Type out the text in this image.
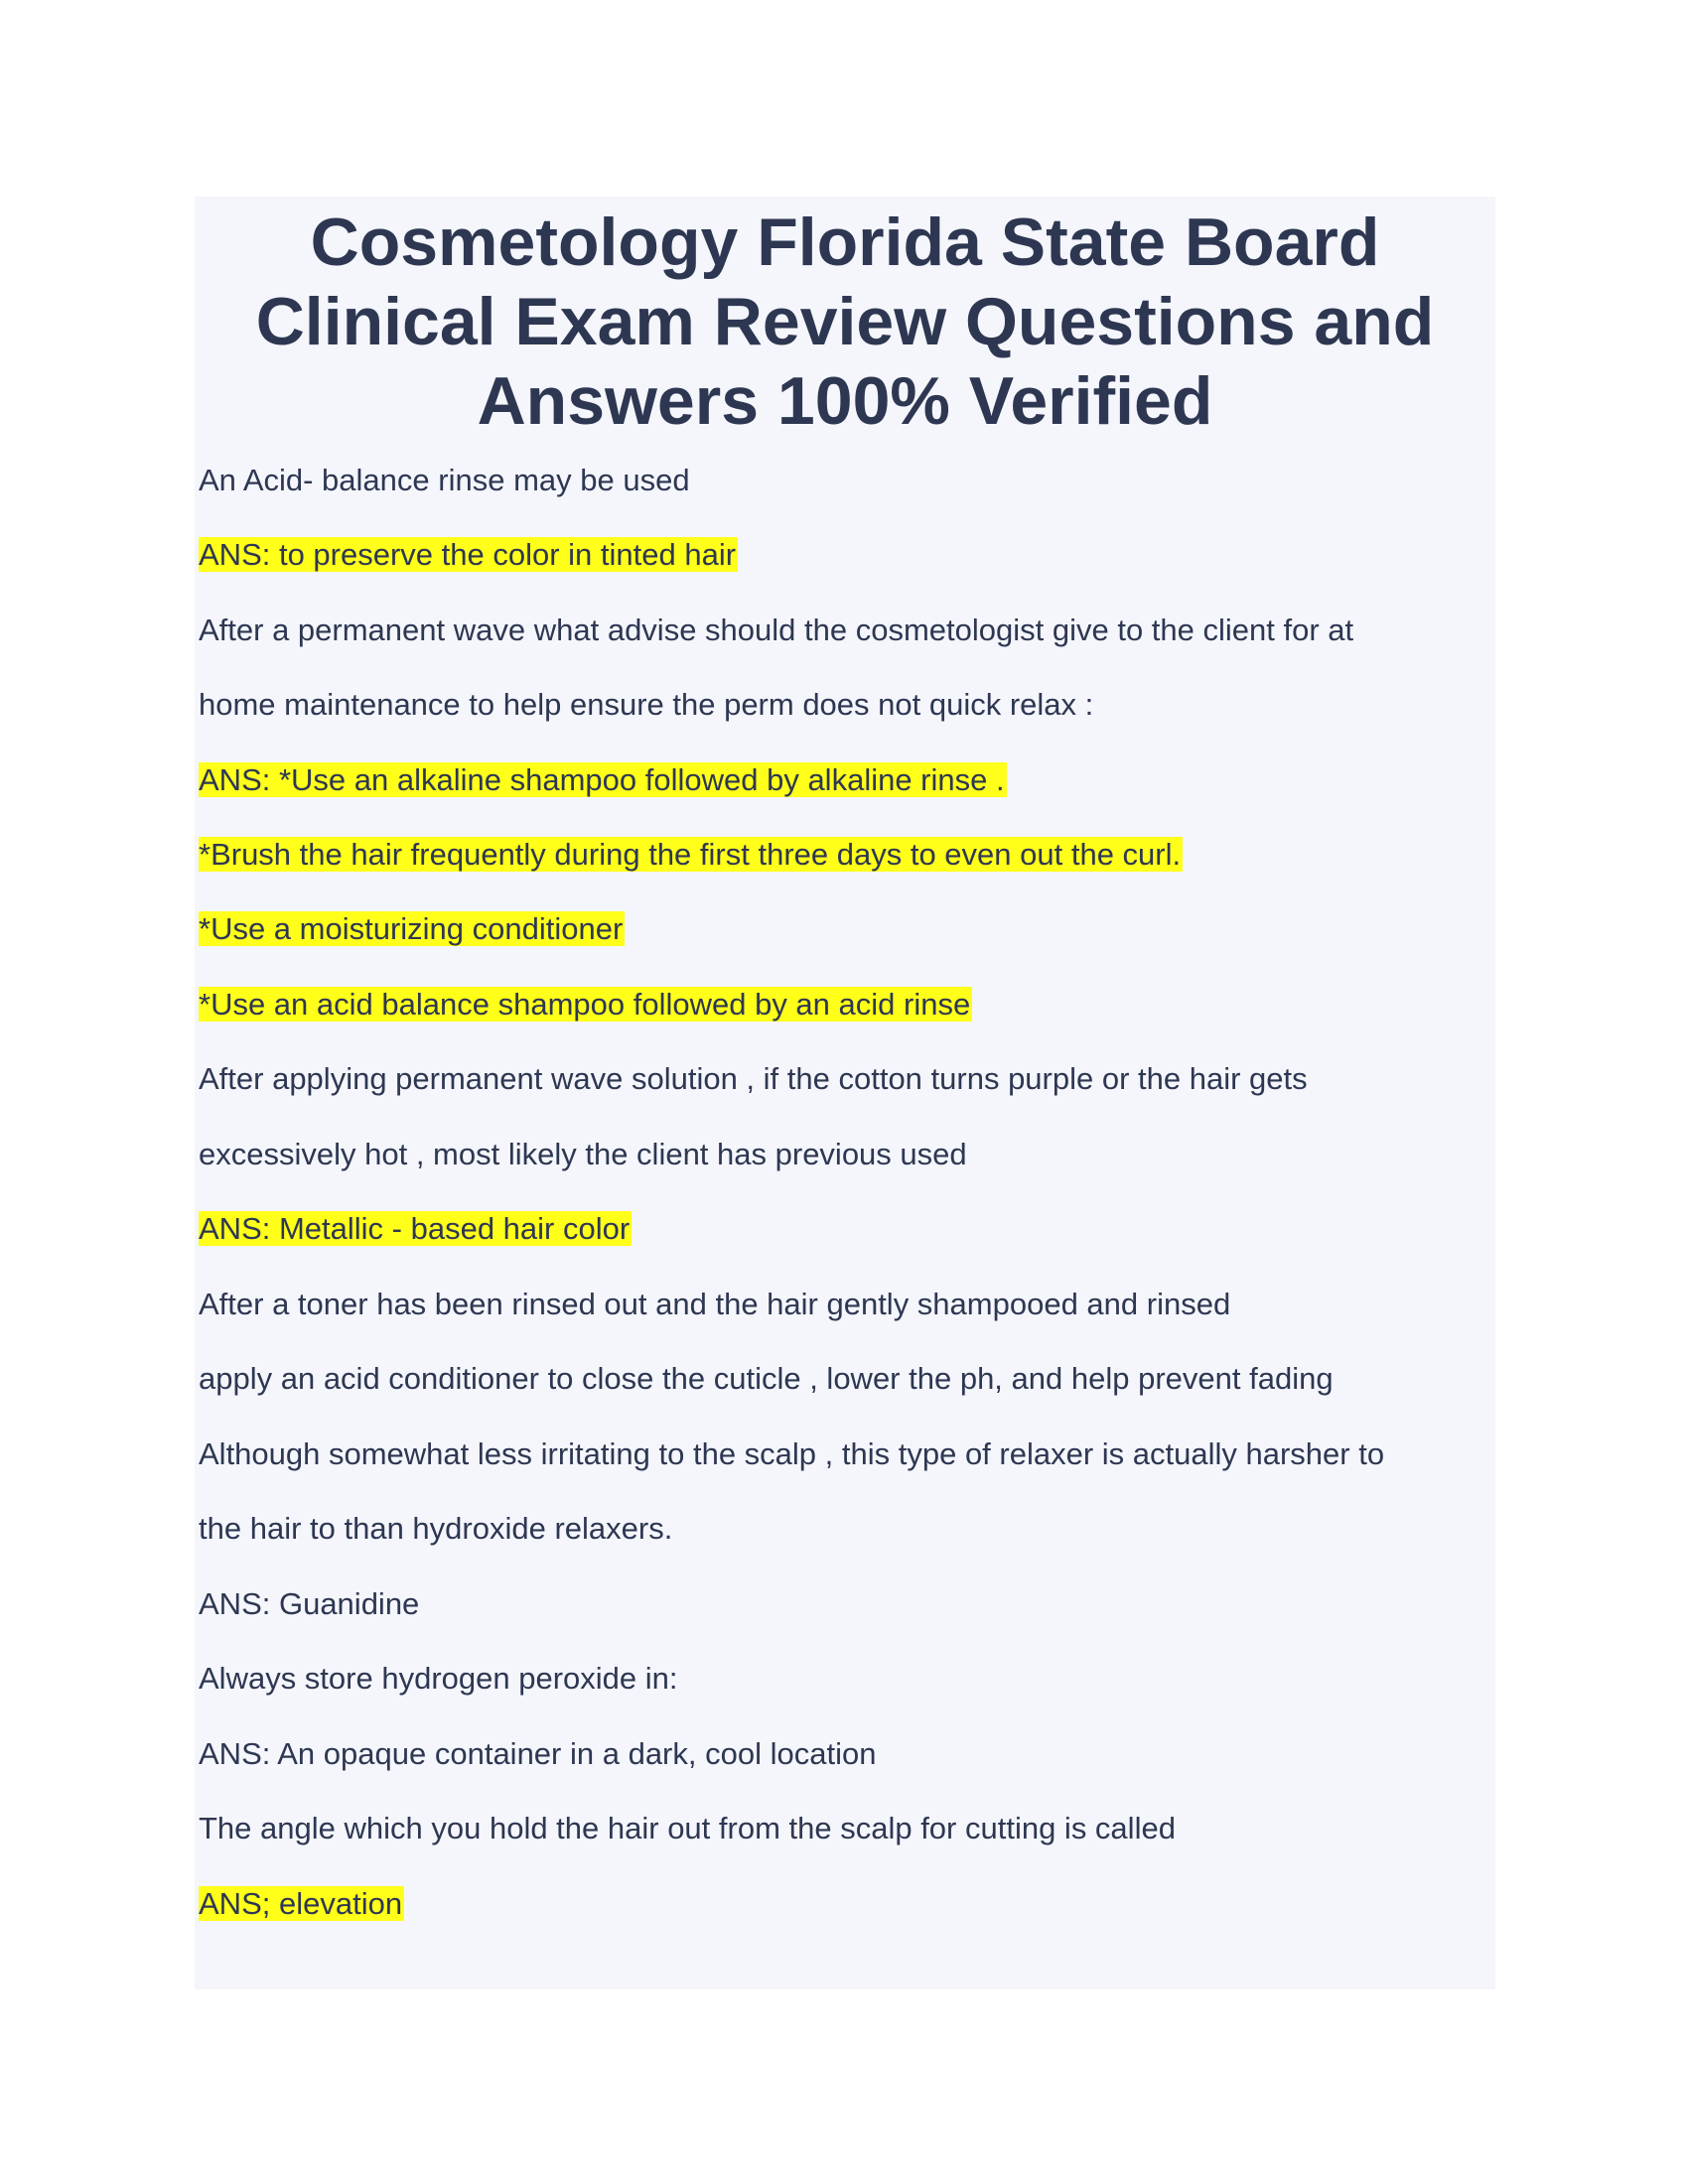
Cosmetology Florida State Board
Clinical Exam Review Questions and
Answers 100% Verified
An Acid- balance rinse may be used
ANS: to preserve the color in tinted hair
After a permanent wave what advise should the cosmetologist give to the client for at
home maintenance to help ensure the perm does not quick relax :
ANS: *Use an alkaline shampoo followed by alkaline rinse .
*Brush the hair frequently during the first three days to even out the curl.
*Use a moisturizing conditioner
*Use an acid balance shampoo followed by an acid rinse
After applying permanent wave solution , if the cotton turns purple or the hair gets
excessively hot , most likely the client has previous used
ANS: Metallic - based hair color
After a toner has been rinsed out and the hair gently shampooed and rinsed
apply an acid conditioner to close the cuticle , lower the ph, and help prevent fading
Although somewhat less irritating to the scalp , this type of relaxer is actually harsher to
the hair to than hydroxide relaxers.
ANS: Guanidine
Always store hydrogen peroxide in:
ANS: An opaque container in a dark, cool location
The angle which you hold the hair out from the scalp for cutting is called
ANS; elevation
